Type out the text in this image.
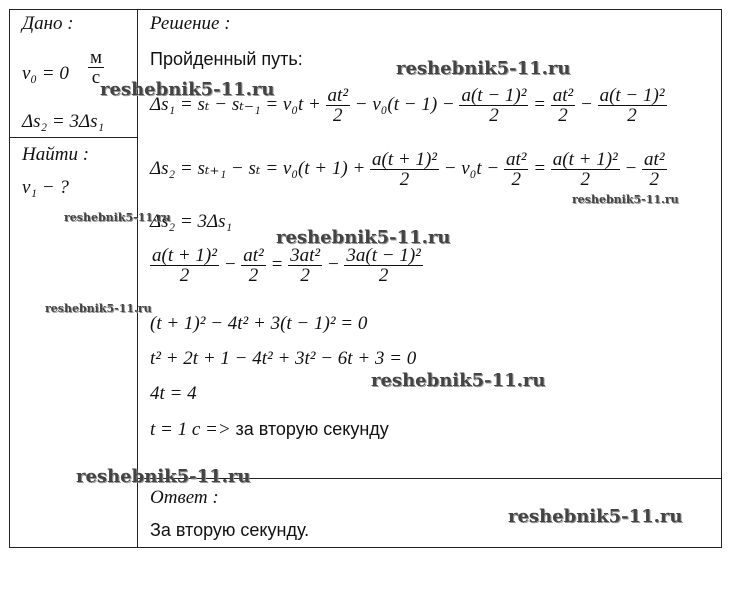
Дано :
$v_0 = 0 \frac{м}{с}$
Δs₂ = 3Δs₁
Найти :
v₁ − ?
Решение :
Пройденный путь:
$\Delta s_1 = s_t - s_{t-1} = v_0t + \frac{\text{at²}}{2} - v_0(t - 1) - \frac{\text{a(t − 1)²}}{2} = \frac{\text{at²}}{2} - \frac{\text{a(t − 1)²}}{2}$
$\Delta s_2 = s_{t+1} - s_t = v_0(t + 1) + \frac{\text{a(t + 1)²}}{2} - v_0t - \frac{\text{at²}}{2} = \frac{\text{a(t + 1)²}}{2} - \frac{\text{at²}}{2}$
Δs₂ = 3Δs₁
$\frac{\text{a(t + 1)²}}{2} - \frac{\text{at²}}{2} = \frac{\text{3at²}}{2} - \frac{\text{3a(t − 1)²}}{2}$
(t + 1)² − 4t² + 3(t − 1)² = 0
t² + 2t + 1 − 4t² + 3t² − 6t + 3 = 0
4t = 4
t = 1 с => за вторую секунду
Ответ :
За вторую секунду.
reshebnik5-11.ru
reshebnik5-11.ru
reshebnik5-11.ru
reshebnik5-11.ru
reshebnik5-11.ru
reshebnik5-11.ru
reshebnik5-11.ru
reshebnik5-11.ru
reshebnik5-11.ru
